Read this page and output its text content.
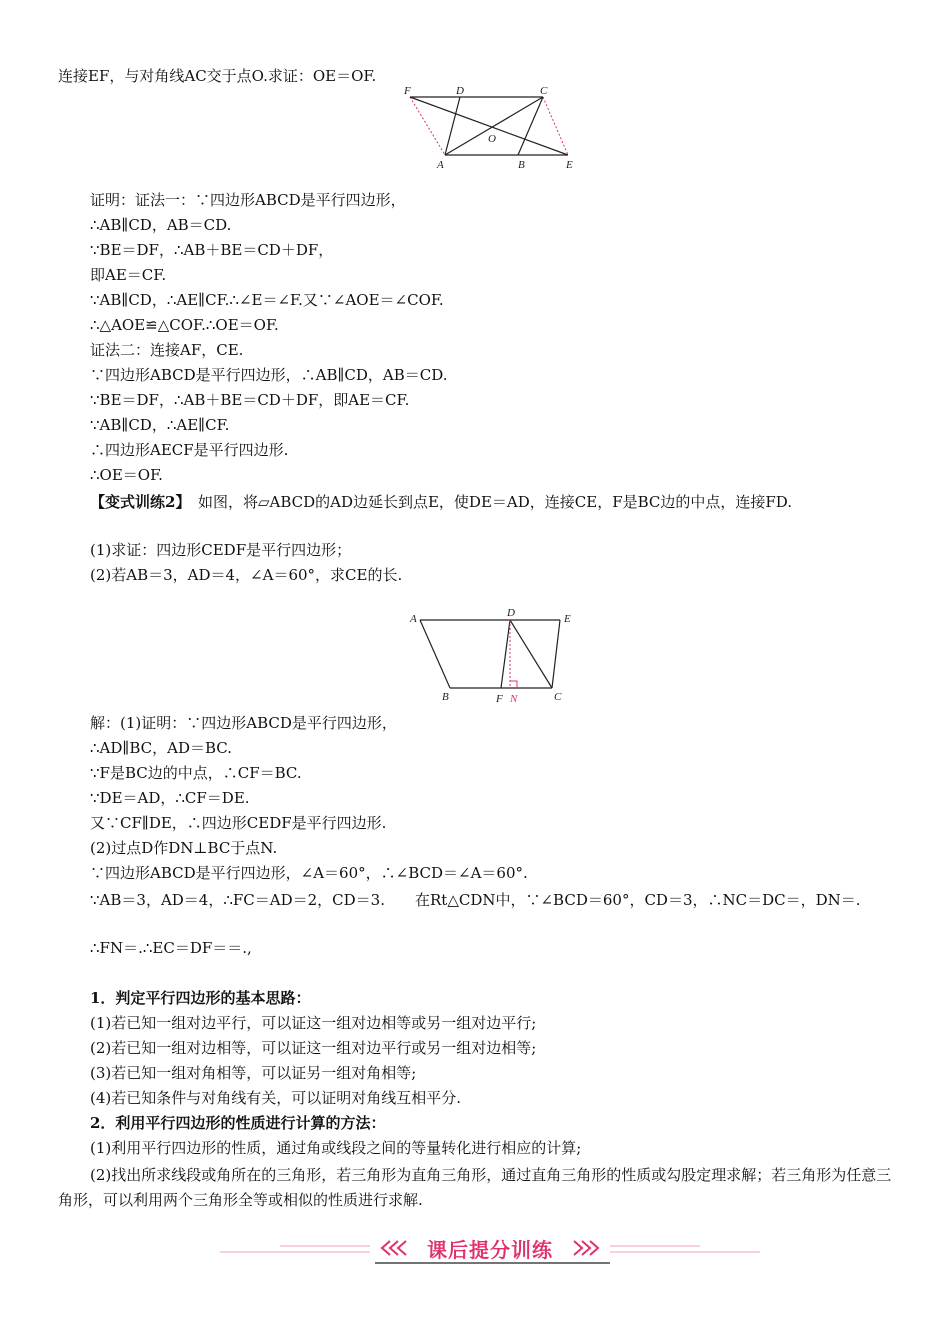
连接EF，与对角线AC交于点O.求证：OE＝OF.
F	D	C
O
A	B	E
证明：证法一：∵四边形ABCD是平行四边形，
∴AB∥CD，AB＝CD.
∵BE＝DF，∴AB＋BE＝CD＋DF，
即AE＝CF.
∵AB∥CD，∴AE∥CF.∴∠E＝∠F.又∵∠AOE＝∠COF.
∴△AOE≌△COF.∴OE＝OF.
证法二：连接AF，CE.
∵四边形ABCD是平行四边形，∴AB∥CD，AB＝CD.
∵BE＝DF，∴AB＋BE＝CD＋DF，即AE＝CF.
∵AB∥CD，∴AE∥CF.
∴四边形AECF是平行四边形.
∴OE＝OF.
【变式训练2】　如图，将▱ABCD的AD边延长到点E，使DE＝AD，连接CE，F是BC边的中点，连接FD.
(1)求证：四边形CEDF是平行四边形；
(2)若AB＝3，AD＝4，∠A＝60°，求CE的长.
A	D	E
B	F N	C
解：(1)证明：∵四边形ABCD是平行四边形，
∴AD∥BC，AD＝BC.
∵F是BC边的中点，∴CF＝BC.
∵DE＝AD，∴CF＝DE.
又∵CF∥DE，∴四边形CEDF是平行四边形.
(2)过点D作DN⊥BC于点N.
∵四边形ABCD是平行四边形，∠A＝60°，∴∠BCD＝∠A＝60°.
∵AB＝3，AD＝4，∴FC＝AD＝2，CD＝3.　　在Rt△CDN中，∵∠BCD＝60°，CD＝3，∴NC＝DC＝，DN＝.
∴FN＝.∴EC＝DF＝＝.,
1．判定平行四边形的基本思路：
(1)若已知一组对边平行，可以证这一组对边相等或另一组对边平行;
(2)若已知一组对边相等，可以证这一组对边平行或另一组对边相等;
(3)若已知一组对角相等，可以证另一组对角相等;
(4)若已知条件与对角线有关，可以证明对角线互相平分.
2．利用平行四边形的性质进行计算的方法：
(1)利用平行四边形的性质，通过角或线段之间的等量转化进行相应的计算;
(2)找出所求线段或角所在的三角形，若三角形为直角三角形，通过直角三角形的性质或勾股定理求解；若三角形为任意三角形，可以利用两个三角形全等或相似的性质进行求解.
课后提分训练
